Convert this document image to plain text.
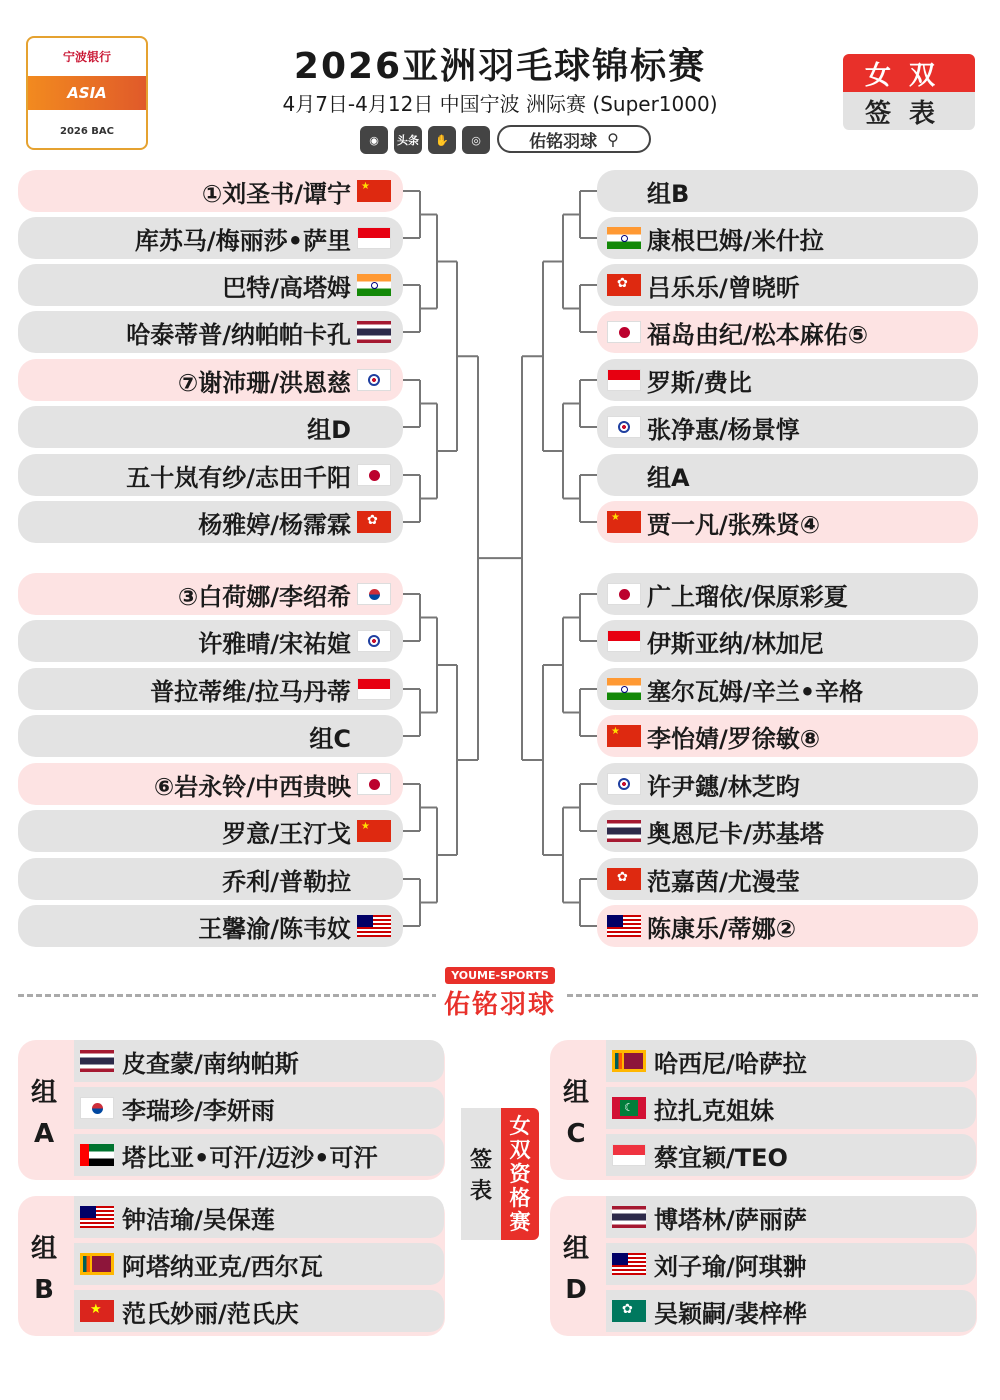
宁波银行
ASIA
2026 BAC
2026亚洲羽毛球锦标赛
4月7日-4月12日 中国宁波 洲际赛 (Super1000)
◉	头条	✋	◎	佑铭羽球 ⚲
女双
签表
①刘圣书/谭宁
★
库苏马/梅丽莎•萨里
巴特/高塔姆
哈泰蒂普/纳帕帕卡孔
⑦谢沛珊/洪恩慈
组D
五十岚有纱/志田千阳
杨雅婷/杨霈霖
✿
③白荷娜/李绍希
许雅晴/宋祐媗
普拉蒂维/拉马丹蒂
组C
⑥岩永铃/中西贵映
罗意/王汀戈
★
乔利/普勒拉
王馨渝/陈韦妏
组B
康根巴姆/米什拉
✿
吕乐乐/曾晓昕
福岛由纪/松本麻佑⑤
罗斯/费比
张净惠/杨景惇
组A
★
贾一凡/张殊贤④
广上瑠依/保原彩夏
伊斯亚纳/林加尼
塞尔瓦姆/辛兰•辛格
★
李怡婧/罗徐敏⑧
许尹鏸/林芝昀
奥恩尼卡/苏基塔
✿
范嘉茵/尤漫莹
陈康乐/蒂娜②
YOUME-SPORTS
佑铭羽球
组
A
皮查蒙/南纳帕斯
李瑞珍/李妍雨
塔比亚•可汗/迈沙•可汗
组
B
钟洁瑜/吴保莲
阿塔纳亚克/西尔瓦
★
范氏妙丽/范氏庆
组
C
哈西尼/哈萨拉
☾
拉扎克姐妹
蔡宜颖/TEO
组
D
博塔林/萨丽萨
刘子瑜/阿琪翀
✿
吴颖嗣/裴梓桦
签
表
女
双
资
格
赛
